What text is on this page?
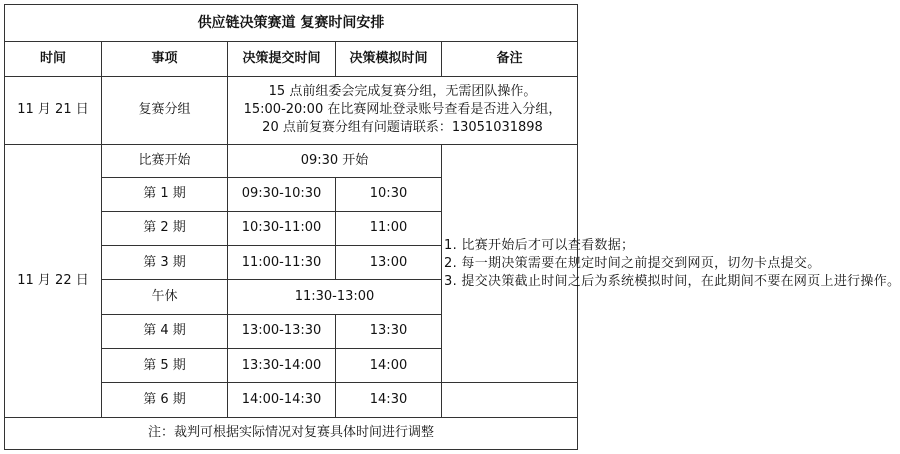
供应链决策赛道 复赛时间安排				
时间	事项	决策提交时间	决策模拟时间	备注
11 月 21 日	复赛分组	15 点前组委会完成复赛分组，无需团队操作。
15:00-20:00 在比赛网址登录账号查看是否进入分组，
20 点前复赛分组有问题请联系：13051031898		

11 月 22 日	比赛开始	09:30 开始		1. 比赛开始后才可以查看数据；

2. 每一期决策需要在规定时间之前提交到网页，切勿卡点提交。

3. 提交决策截止时间之后为系统模拟时间，在此期间不要在网页上进行操作。

	第 1 期	09:30-10:30	10:30	
	第 2 期	10:30-11:00	11:00	
	第 3 期	11:00-11:30	13:00	
	午休	11:30-13:00		
	第 4 期	13:00-13:30	13:30	
	第 5 期	13:30-14:00	14:00	
	第 6 期	14:00-14:30	14:30	
注：裁判可根据实际情况对复赛具体时间进行调整				
